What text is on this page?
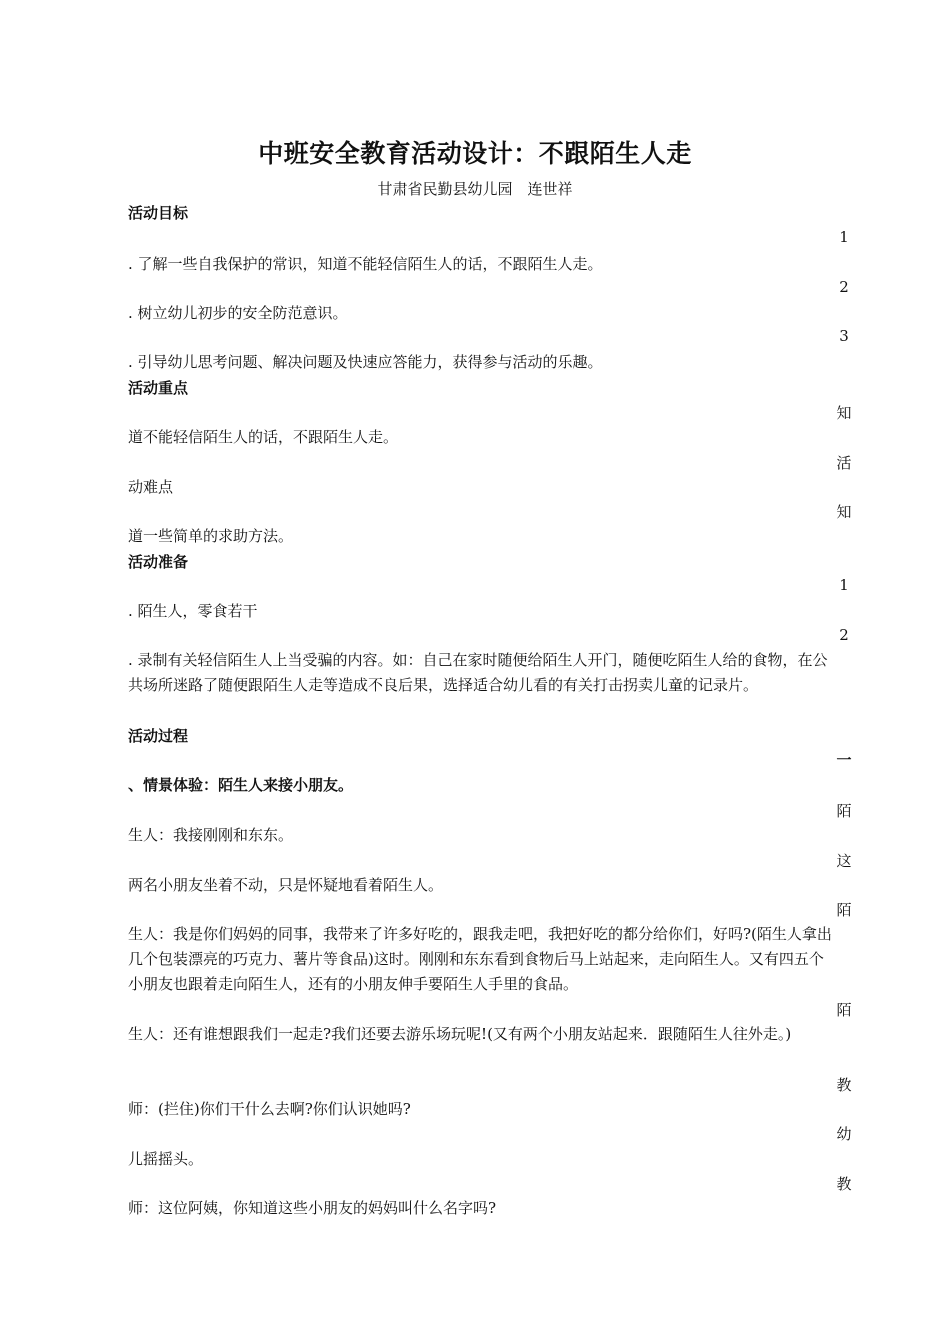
中班安全教育活动设计：不跟陌生人走
甘肃省民勤县幼儿园　连世祥
活动目标
1
. 了解一些自我保护的常识，知道不能轻信陌生人的话，不跟陌生人走。
2
. 树立幼儿初步的安全防范意识。
3
. 引导幼儿思考问题、解决问题及快速应答能力，获得参与活动的乐趣。
活动重点
知
道不能轻信陌生人的话，不跟陌生人走。
活
动难点
知
道一些简单的求助方法。
活动准备
1
. 陌生人，零食若干
2
. 录制有关轻信陌生人上当受骗的内容。如：自己在家时随便给陌生人开门，随便吃陌生人给的食物，在公共场所迷路了随便跟陌生人走等造成不良后果，选择适合幼儿看的有关打击拐卖儿童的记录片。
活动过程
一
、情景体验：陌生人来接小朋友。
陌
生人：我接刚刚和东东。
这
两名小朋友坐着不动，只是怀疑地看着陌生人。
陌
生人：我是你们妈妈的同事，我带来了许多好吃的，跟我走吧，我把好吃的都分给你们，好吗?(陌生人拿出几个包装漂亮的巧克力、薯片等食品)这时。刚刚和东东看到食物后马上站起来，走向陌生人。又有四五个小朋友也跟着走向陌生人，还有的小朋友伸手要陌生人手里的食品。
陌
生人：还有谁想跟我们一起走?我们还要去游乐场玩呢!(又有两个小朋友站起来．跟随陌生人往外走。)
教
师：(拦住)你们干什么去啊?你们认识她吗?
幼
儿摇摇头。
教
师：这位阿姨，你知道这些小朋友的妈妈叫什么名字吗?
